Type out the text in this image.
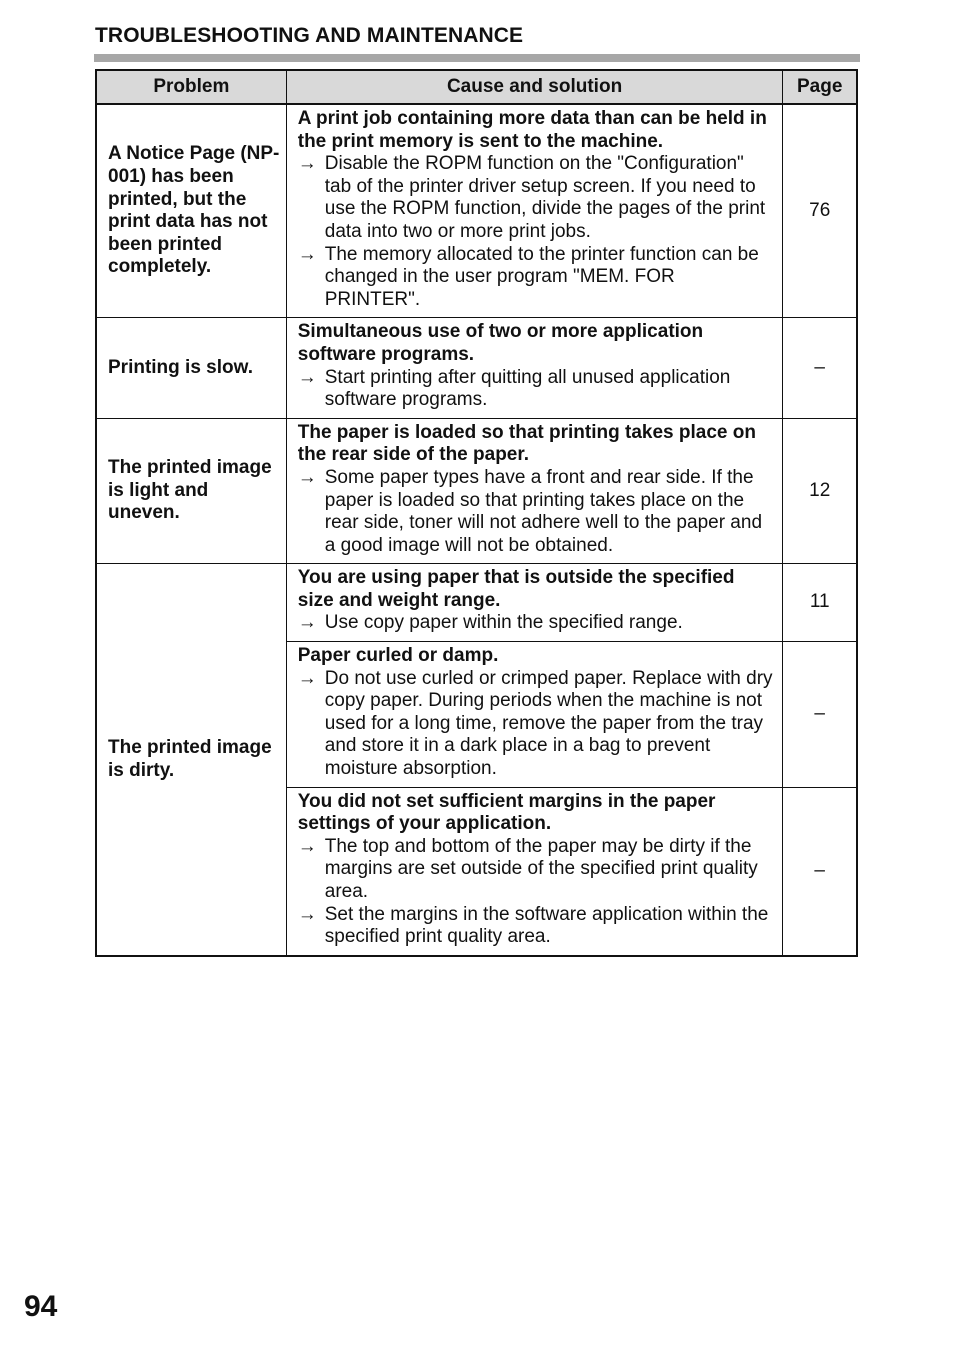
TROUBLESHOOTING AND MAINTENANCE
Problem	Cause and solution	Page
A Notice Page (NP-001) has been printed, but the print data has not been printed completely.	A print job containing more data than can be held in the print memory is sent to the machine.
→ Disable the ROPM function on the "Configuration" tab of the printer driver setup screen. If you need to use the ROPM function, divide the pages of the print data into two or more print jobs.
→ The memory allocated to the printer function can be changed in the user program "MEM. FOR PRINTER".	76
Printing is slow.	Simultaneous use of two or more application software programs.
→ Start printing after quitting all unused application software programs.	–
The printed image is light and uneven.	The paper is loaded so that printing takes place on the rear side of the paper.
→ Some paper types have a front and rear side. If the paper is loaded so that printing takes place on the rear side, toner will not adhere well to the paper and a good image will not be obtained.	12
The printed image is dirty.	You are using paper that is outside the specified size and weight range.
→ Use copy paper within the specified range.	11

	Paper curled or damp.
→ Do not use curled or crimped paper. Replace with dry copy paper. During periods when the machine is not used for a long time, remove the paper from the tray and store it in a dark place in a bag to prevent moisture absorption.	–

	You did not set sufficient margins in the paper settings of your application.
→ The top and bottom of the paper may be dirty if the margins are set outside of the specified print quality area.
→ Set the margins in the software application within the specified print quality area.	–
94
